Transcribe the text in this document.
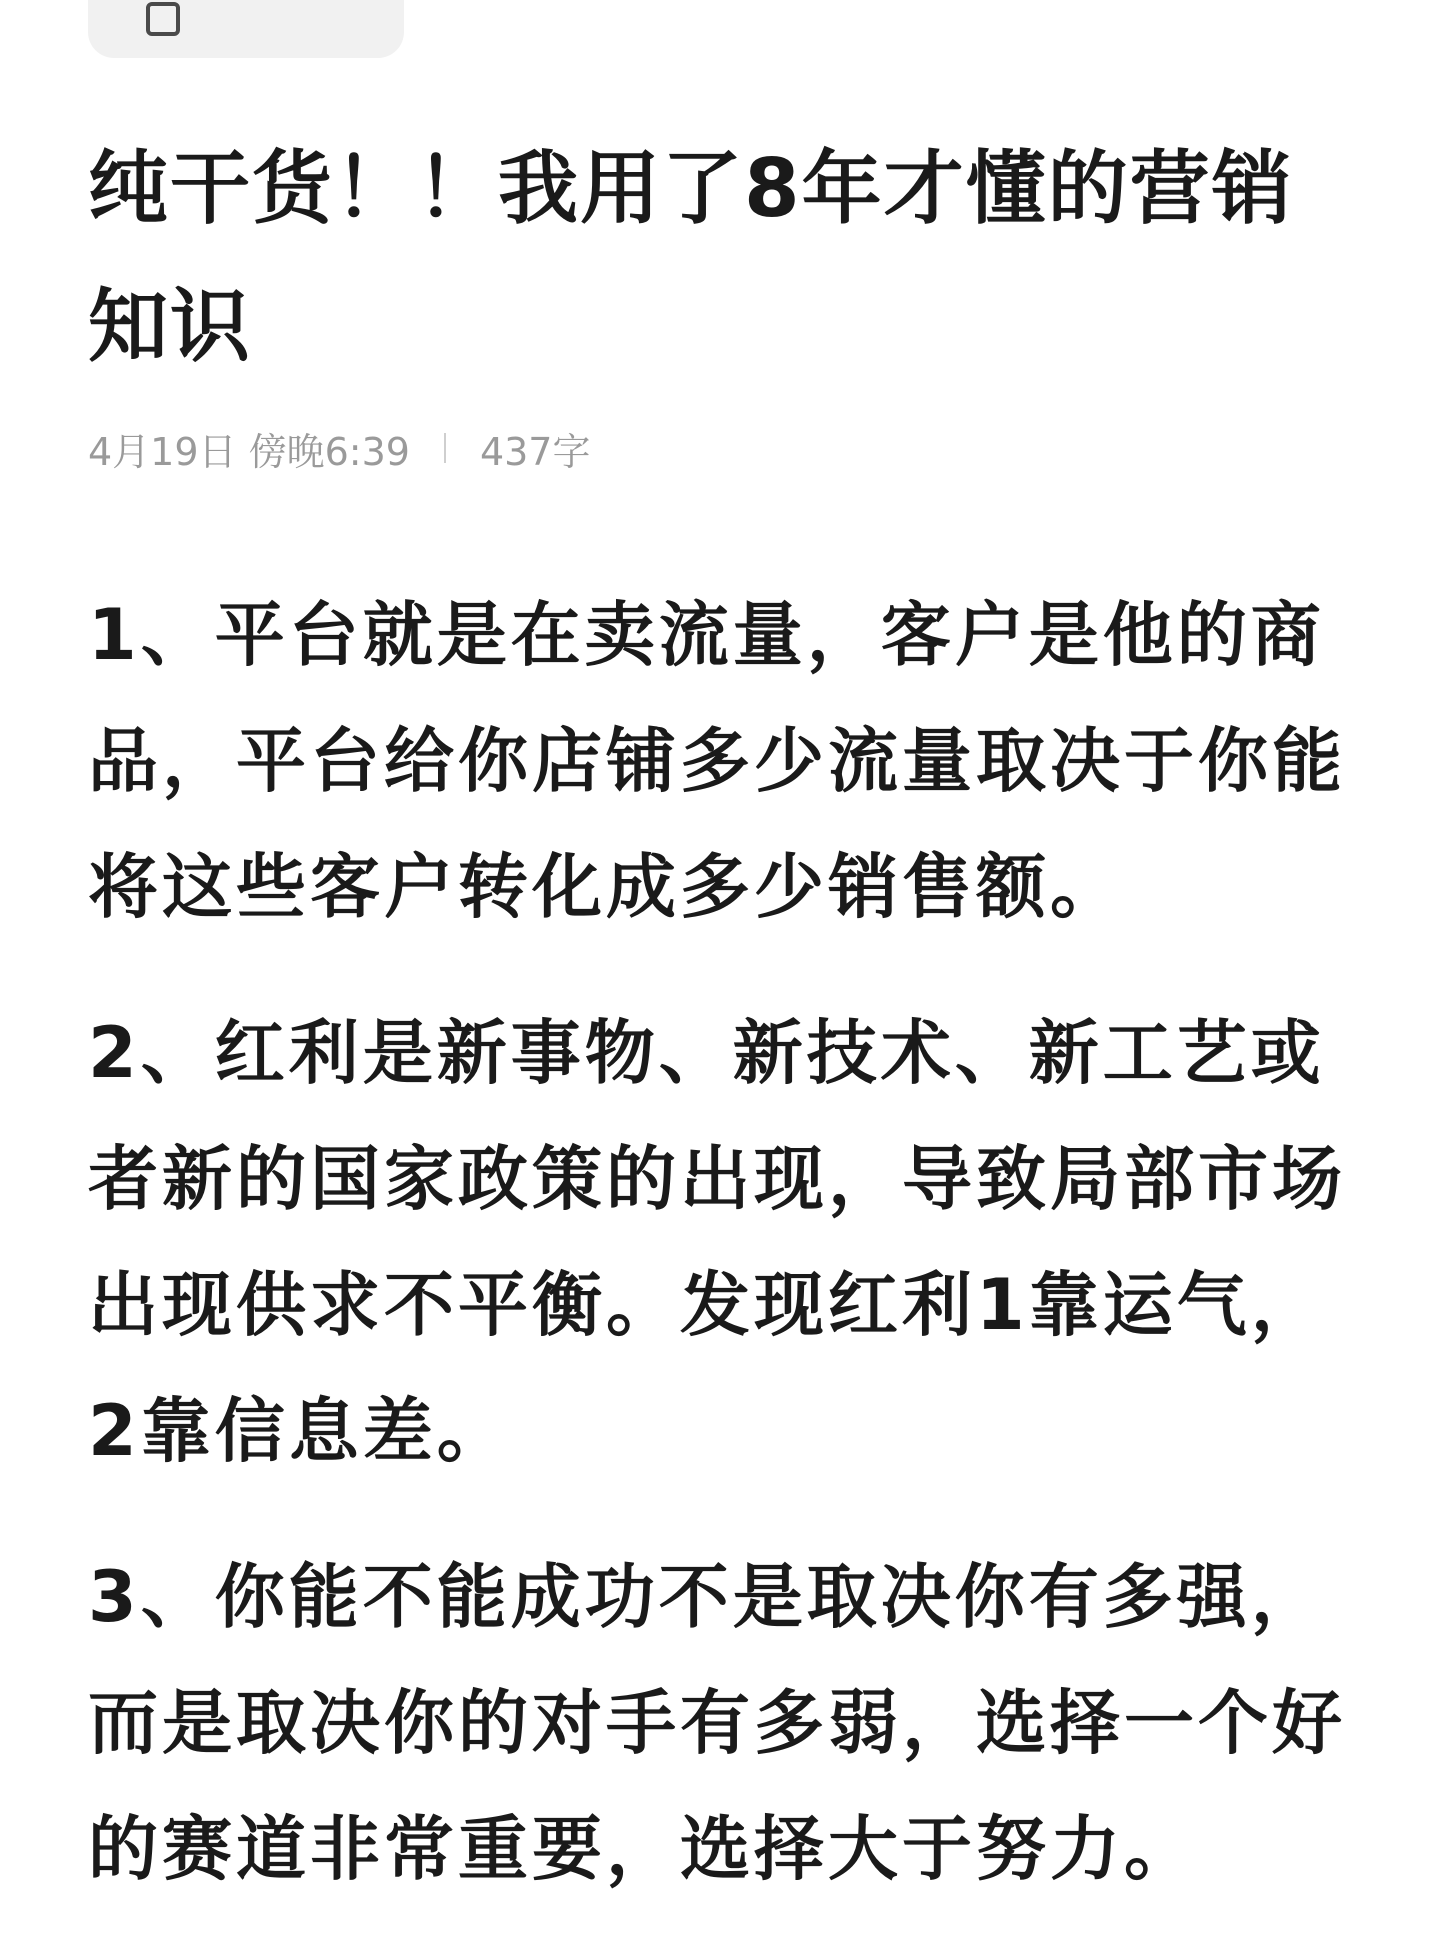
纯干货！！我用了8年才懂的营销知识
4月19日 傍晚6:39 437字

1、平台就是在卖流量，客户是他的商品，平台给你店铺多少流量取决于你能将这些客户转化成多少销售额。

2、红利是新事物、新技术、新工艺或者新的国家政策的出现，导致局部市场出现供求不平衡。发现红利1靠运气，2靠信息差。

3、你能不能成功不是取决你有多强，而是取决你的对手有多弱，选择一个好的赛道非常重要，选择大于努力。
